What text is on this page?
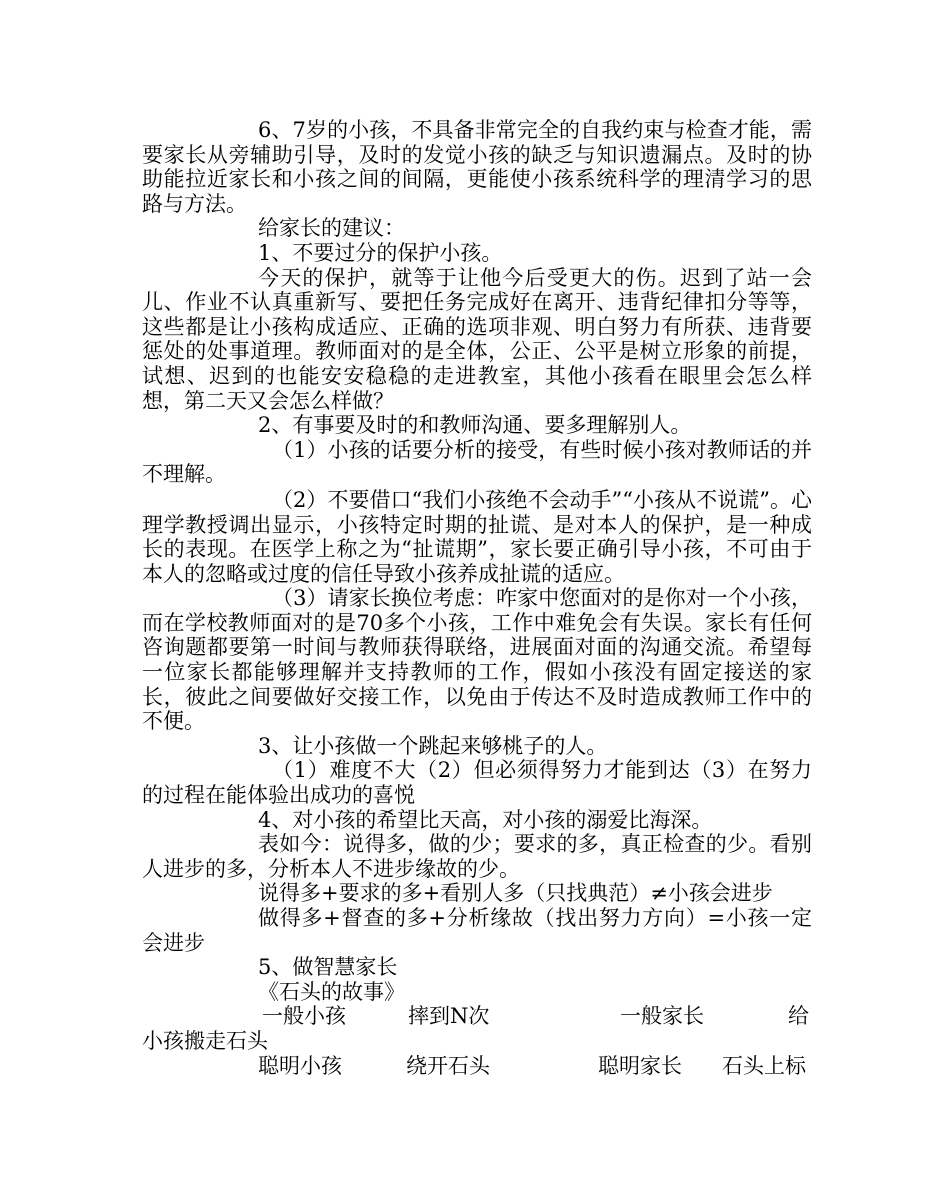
6、7岁的小孩，不具备非常完全的自我约束与检查才能，需要家长从旁辅助引导，及时的发觉小孩的缺乏与知识遗漏点。及时的协助能拉近家长和小孩之间的间隔，更能使小孩系统科学的理清学习的思路与方法。

给家长的建议：

1、不要过分的保护小孩。

今天的保护，就等于让他今后受更大的伤。迟到了站一会儿、作业不认真重新写、要把任务完成好在离开、违背纪律扣分等等，这些都是让小孩构成适应、正确的选项非观、明白努力有所获、违背要惩处的处事道理。教师面对的是全体，公正、公平是树立形象的前提，试想、迟到的也能安安稳稳的走进教室，其他小孩看在眼里会怎么样想，第二天又会怎么样做？

2、有事要及时的和教师沟通、要多理解别人。

（1）小孩的话要分析的接受，有些时候小孩对教师话的并不理解。

（2）不要借口“我们小孩绝不会动手”“小孩从不说谎”。心理学教授调出显示，小孩特定时期的扯谎、是对本人的保护，是一种成长的表现。在医学上称之为“扯谎期”，家长要正确引导小孩，不可由于本人的忽略或过度的信任导致小孩养成扯谎的适应。

（3）请家长换位考虑：咋家中您面对的是你对一个小孩，而在学校教师面对的是70多个小孩，工作中难免会有失误。家长有任何咨询题都要第一时间与教师获得联络，进展面对面的沟通交流。希望每一位家长都能够理解并支持教师的工作，假如小孩没有固定接送的家长，彼此之间要做好交接工作，以免由于传达不及时造成教师工作中的不便。

3、让小孩做一个跳起来够桃子的人。

（1）难度不大（2）但必须得努力才能到达（3）在努力的过程在能体验出成功的喜悦

4、对小孩的希望比天高，对小孩的溺爱比海深。

表如今：说得多，做的少；要求的多，真正检查的少。看别人进步的多，分析本人不进步缘故的少。

说得多+要求的多+看别人多（只找典范）≠小孩会进步

做得多+督查的多+分析缘故（找出努力方向）=小孩一定会进步

5、做智慧家长

《石头的故事》

一般小孩	摔到N次	一般家长	给
小孩搬走石头
聪明小孩	绕开石头	聪明家长 石头上标
